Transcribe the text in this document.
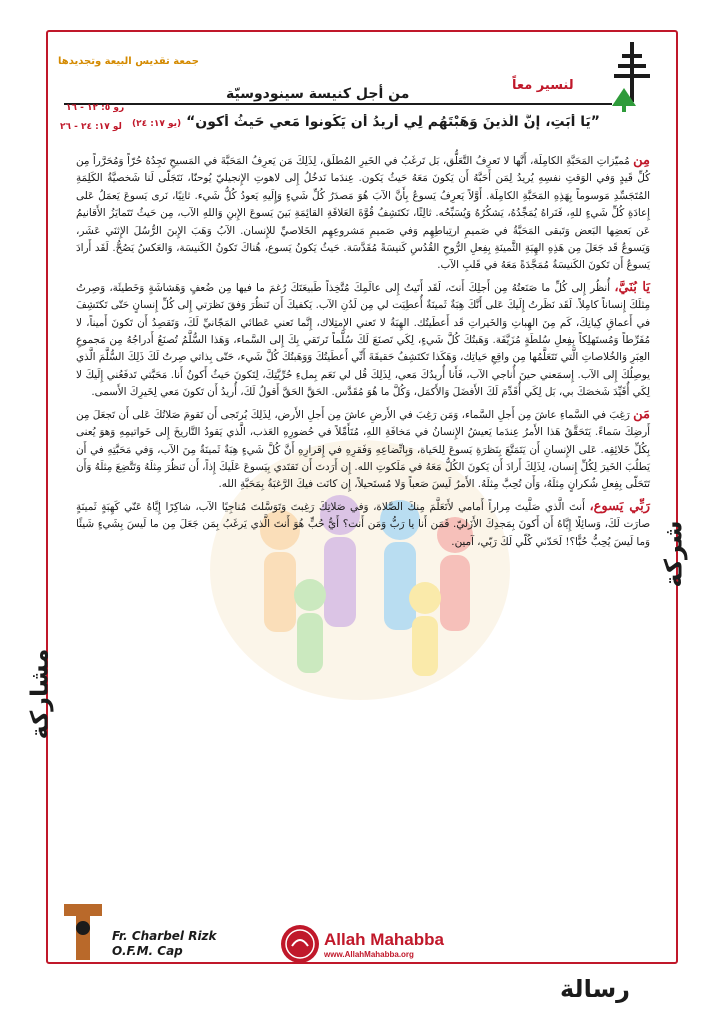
جمعة تقديس البيعة وتجديدها
لنسير معاً
من أجل كنيسة سينودوسيّة
رو ٥: ١٢ - ١٦
لو ١٧: ٢٤ - ٢٦	”يَا أَبَتِ، إِنَّ الَّذينَ وَهَبْتَهُم لِي أُريدُ أَن يَكُونوا مَعي حَيثُ أَكون“ (يو ١٧: ٢٤)
شركة
مشاركة
رسالة

مِن مُميّزاتِ المَحَبَّةِ الكامِلَة، أَنَّها لا تَعرِفُ التَّعَلُّق، بَل تَرغَبُ في الخَيرِ المُطلَق، لِذَلِكَ مَن يَعرِفُ المَحَبَّةَ في المَسيحِ تَجِدُهُ حُرّاً وَمُحَرَّراً مِن كُلِّ قَيدٍ وَفي الوَقتِ نفسِهِ يُريدُ لِمَن أَحَبَّهُ أَن يَكونَ مَعَهُ حَيثُ يَكون. عِندَما نَدخُلُ إِلى لاهوتِ الإِنجيليّ يُوحنّا، نَتَجَلّى لَنا شَخصيَّةُ الكَلِمَةِ المُتَجَسِّدِ مَوسوماً بِهَذِهِ المَحَبَّةِ الكامِلَة. أَوَّلاً يَعرِفُ يَسوعُ بِأَنَّ الآبَ هُوَ مَصدَرُ كُلِّ شَيءٍ وَإِلَيهِ يَعودُ كُلُّ شَيء. ثانِيًا، نَرى يَسوعَ يَعمَلُ عَلى إِعادَةِ كُلِّ شَيءٍ للهِ، فَنَراهُ يُمَجِّدُهُ، يَشكُرُهُ وَيُسَبِّحُه. ثالِثًا، نَكتَشِفُ قُوَّةَ العَلاقَةِ القائِمَةِ بَينَ يَسوعَ الإِبنِ وَاللهِ الآب، مِن حَيثُ تَتَمايَزُ الأَقانيمُ عَن بَعضِها البَعض وَتَبقى المَحَبَّةُ في صَميمِ ارتِباطِهِم وَفي صَميمِ مَشروعِهِم الخَلاصيِّ للإِنسان. الآبُ وَهَبَ الإِبنَ الرُّسُلَ الإِثنَي عَشَر، وَيَسوعُ قَد جَعَلَ مِن هَذِهِ الهِبَةِ الثَّمينَةِ بِفِعلِ الرُّوحِ القُدُسِ كَنيسَةً مُقَدَّسَة. حَيثُ يَكونُ يَسوع، هُناكَ تَكونُ الكَنيسَة، وَالعَكسُ يَصُحُّ. لَقَد أَرادَ يَسوعُ أَن تَكونَ الكَنيسَةُ مُمَجَّدَةً مَعَهُ في قَلبِ الآب.

يَا بُنَيَّ، أُنظُر إِلى كُلِّ ما صَنَعتُهُ مِن أَجلِكَ أَنتَ، لَقَد أَتَيتُ إِلى عالَمِكَ مُتَّخِذاً طَبيعَتَكَ رُغمَ ما فيها مِن ضُعفٍ وَهَشاشَةٍ وَخَطيئَة، وَصِرتُ مِثلَكَ إِنساناً كامِلاً. لَقَد نَظَرتُ إِلَيكَ عَلى أَنَّكَ هِبَةٌ ثَمينَةٌ أُعطِيَت لي مِن لَدُنِ الآب. يَكفيكَ أَن تَنظُرَ وَفقَ نَظرَتي إِلى كُلِّ إِنسانٍ حَتّى تَكتَشِفَ في أَعماقِ كِيانِكَ، كَم مِنَ الهِباتِ وَالخَيراتِ قَد أَعطَيتُك. الهِبَةُ لا تَعني الإِمتِلاك، إِنَّما تَعني عَطائي المَجّانيِّ لَكَ، وَتَقصِدُ أَن تَكونَ أَميناً، لا مُفَرِّطاً وَمُستَهلِكاً بِفِعلِ سُلطَةٍ مُزَيَّفَة. وَهَبتُكَ كُلَّ شَيءٍ، لِكَي تَصنَعَ لَكَ سُلَّماً تَرتَقي بِكَ إِلى السَّماء، وَهَذا السُّلَّمُ تُصنَعُ أَدراجُهُ مِن مَجموعِ العِبَرِ وَالخُلاصاتِ الَّتي تَتَعَلَّمُها مِن واقِعِ حَياتِك، وَهَكَذا تَكتَشِفُ حَقيقَةَ أَنِّي أَعطَيتُكَ وَوَهَبتُكَ كُلَّ شَيء، حَتّى بِذاتي صِرتُ لَكَ ذَلِكَ السُّلَّمَ الَّذي يوصِلُكَ إِلى الآب. إِسمَعني حينَ أُناجي الآب، فَأَنا أُريدُكَ مَعي، لِذَلِكَ قُل لي نَعَم بِملءِ حُرِّيَّتِكَ، لِتَكونَ حَيثُ أَكونُ أَنا. مَحَبَّتي تَدفَعُني إِلَيكَ لا لِكَي أُقَيِّدَ شَخصَكَ بي، بَل لِكَي أُقَدِّمَ لَكَ الأَفضَلَ وَالأَكمَل، وَكُلَّ ما هُوَ مُقَدَّس. الحَقَّ الحَقَّ أَقولُ لَكَ، أُريدُ أَن تَكونَ مَعي لِخَيرِكَ الأَسمى.

مَن رَغِبَ في السَّماءِ عاشَ مِن أَجلِ السَّماء، وَمَن رَغِبَ في الأَرضِ عاشَ مِن أَجلِ الأَرض، لِذَلِكَ يُرتَجى أَن تَقومَ صَلاتُكَ عَلى أَن تَجعَلَ مِن أَرضِكَ سَماءً. يَتَحَقَّقُ هَذا الأَمرُ عِندَما يَعيشُ الإِنسانُ في مَخافَةِ اللهِ، مُتَأَمِّلاً في حُضورِهِ العَذب، الَّذي يَقودُ التَّاريخَ إِلى خَواتيمِهِ وَهوَ يُعنى بِكُلِّ خَلائِقِه. عَلى الإِنسانِ أَن يَتَمَتَّعَ بِنَظرَةِ يَسوعَ لِلحَياة، وَبِاتِّضاعِهِ وَفَقرِهِ في إِقرارِهِ أَنَّ كُلَّ شَيءٍ هِبَةٌ ثَمينَةٌ مِنَ الآب، وَفي مَحَبَّتِهِ في أَن يَطلُبَ الخَيرَ لِكُلِّ إِنسان، لِذَلِكَ أَرادَ أَن يَكونَ الكُلُّ مَعَهُ في مَلَكوتِ الله. إِن أَرَدتَ أَن تَقتَدي بِيَسوعَ عَلَيكَ إِذاً، أَن تَنظُرَ مِثلَهُ وَتَتَّضِعَ مِثلَهُ وَأَن تَتَحَلّى بِفِعلِ شُكرانٍ مِثلَهُ، وَأَن تُحِبَّ مِثلَهُ. الأَمرُ لَيسَ صَعباً وَلا مُستَحيلاً، إِن كانَت فيكَ الرَّغبَةُ بِمَحَبَّةِ الله.

رَبِّي يَسوع، أَنتَ الَّذي صَلَّيتَ مِراراً أَمامي لأَتَعَلَّمَ مِنكَ الصَّلاة، وَفي صَلاتِكَ رَغِبتَ وَتَوَسَّلتَ مُناجِيًا الآب، شاكِرًا إِيَّاهُ عَنّي كَهِبَةٍ ثَمينَةٍ صارَت لَكَ، وَسائِلًا إِيَّاهُ أَن أَكونَ بِمَجدِكَ الأَزَليّ. فَمَن أَنا يا رَبُّ وَمَن أَنت؟ أَيُّ حُبٍّ هُوَ أَنتَ الَّذي يَرغَبُ بِمَن جَعَلَ مِن ما لَيسَ بِشَيءٍ شَيئًا وَما لَيسَ يُحِبُّ حُبًّا؟! لَحَدّني كُلّي لَكَ رَبّي، آمين.

Fr. Charbel Rizk
O.F.M. Cap
Allah Mahabba
www.AllahMahabba.org
